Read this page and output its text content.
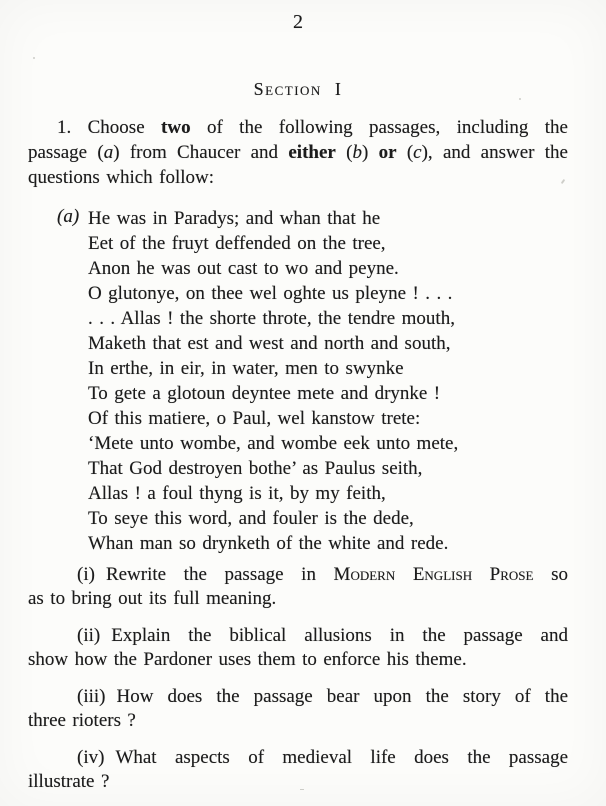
2
Section I
1. Choose two of the following passages, including the
passage (a) from Chaucer and either (b) or (c), and answer the
questions which follow:
(a) He was in Paradys; and whan that he
Eet of the fruyt deffended on the tree,
Anon he was out cast to wo and peyne.
O glutonye, on thee wel oghte us pleyne ! . . .
. . . Allas ! the shorte throte, the tendre mouth,
Maketh that est and west and north and south,
In erthe, in eir, in water, men to swynke
To gete a glotoun deyntee mete and drynke !
Of this matiere, o Paul, wel kanstow trete:
‘Mete unto wombe, and wombe eek unto mete,
That God destroyen bothe’ as Paulus seith,
Allas ! a foul thyng is it, by my feith,
To seye this word, and fouler is the dede,
Whan man so drynketh of the white and rede.
(i) Rewrite the passage in Modern English Prose so
as to bring out its full meaning.
(ii) Explain the biblical allusions in the passage and
show how the Pardoner uses them to enforce his theme.
(iii) How does the passage bear upon the story of the
three rioters ?
(iv) What aspects of medieval life does the passage
illustrate ?
